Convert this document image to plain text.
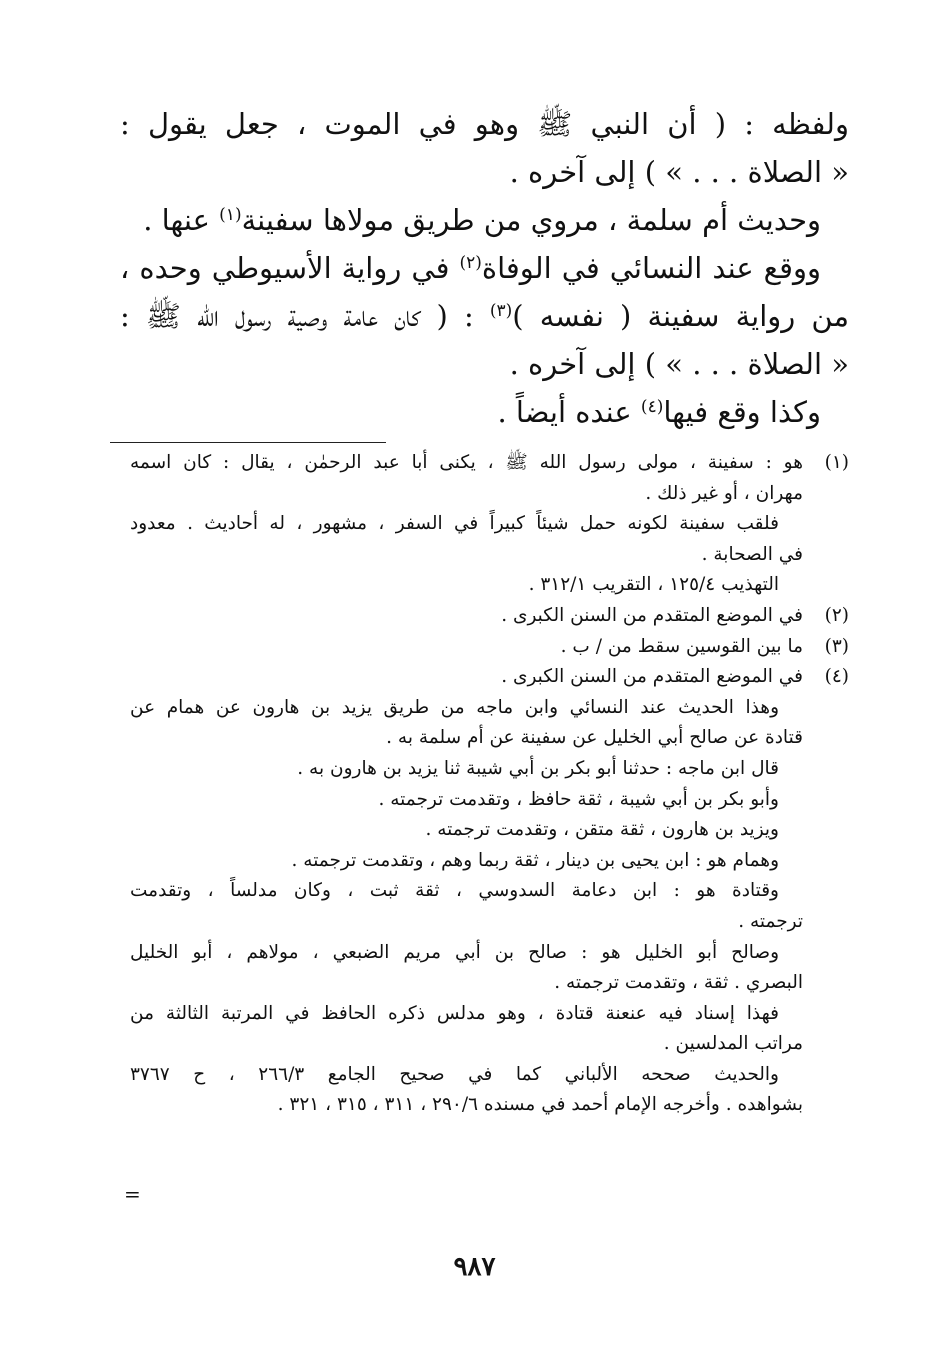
ولفظه : ( أن النبي ﷺ وهو في الموت ، جعل يقول :
« الصلاة . . . » ) إلى آخره .
وحديث أم سلمة ، مروي من طريق مولاها سفينة$^{(١)}$ عنها .
ووقع عند النسائي في الوفاة$^{(٢)}$ في رواية الأسيوطي وحده ،
من رواية سفينة ( نفسه )$^{(٣)}$ : ( كان عامة وصية رسول الله ﷺ :
« الصلاة . . . » ) إلى آخره .
وكذا وقع فيها$^{(٤)}$ عنده أيضاً .
(١)
هو : سفينة ، مولى رسول الله ﷺ ، يكنى أبا عبد الرحمٰن ، يقال : كان اسمه
مهران ، أو غير ذلك .
فلقب سفينة لكونه حمل شيئاً كبيراً في السفر ، مشهور ، له أحاديث . معدود
في الصحابة .
التهذيب ١٢٥/٤ ، التقريب ٣١٢/١ .
(٢)
في الموضع المتقدم من السنن الكبرى .
(٣)
ما بين القوسين سقط من / ب .
(٤)
في الموضع المتقدم من السنن الكبرى .
وهذا الحديث عند النسائي وابن ماجه من طريق يزيد بن هارون عن همام عن
قتادة عن صالح أبي الخليل عن سفينة عن أم سلمة به .
قال ابن ماجه : حدثنا أبو بكر بن أبي شيبة ثنا يزيد بن هارون به .
وأبو بكر بن أبي شيبة ، ثقة حافظ ، وتقدمت ترجمته .
ويزيد بن هارون ، ثقة متقن ، وتقدمت ترجمته .
وهمام هو : ابن يحيى بن دينار ، ثقة ربما وهم ، وتقدمت ترجمته .
وقتادة هو : ابن دعامة السدوسي ، ثقة ثبت ، وكان مدلساً ، وتقدمت
ترجمته .
وصالح أبو الخليل هو : صالح بن أبي مريم الضبعي ، مولاهم ، أبو الخليل
البصري . ثقة ، وتقدمت ترجمته .
فهذا إسناد فيه عنعنة قتادة ، وهو مدلس ذكره الحافظ في المرتبة الثالثة من
مراتب المدلسين .
والحديث صححه الألباني كما في صحيح الجامع ٢٦٦/٣ ، ح ٣٧٦٧
بشواهده . وأخرجه الإمام أحمد في مسنده ٢٩٠/٦ ، ٣١١ ، ٣١٥ ، ٣٢١ .
=
٩٨٧
